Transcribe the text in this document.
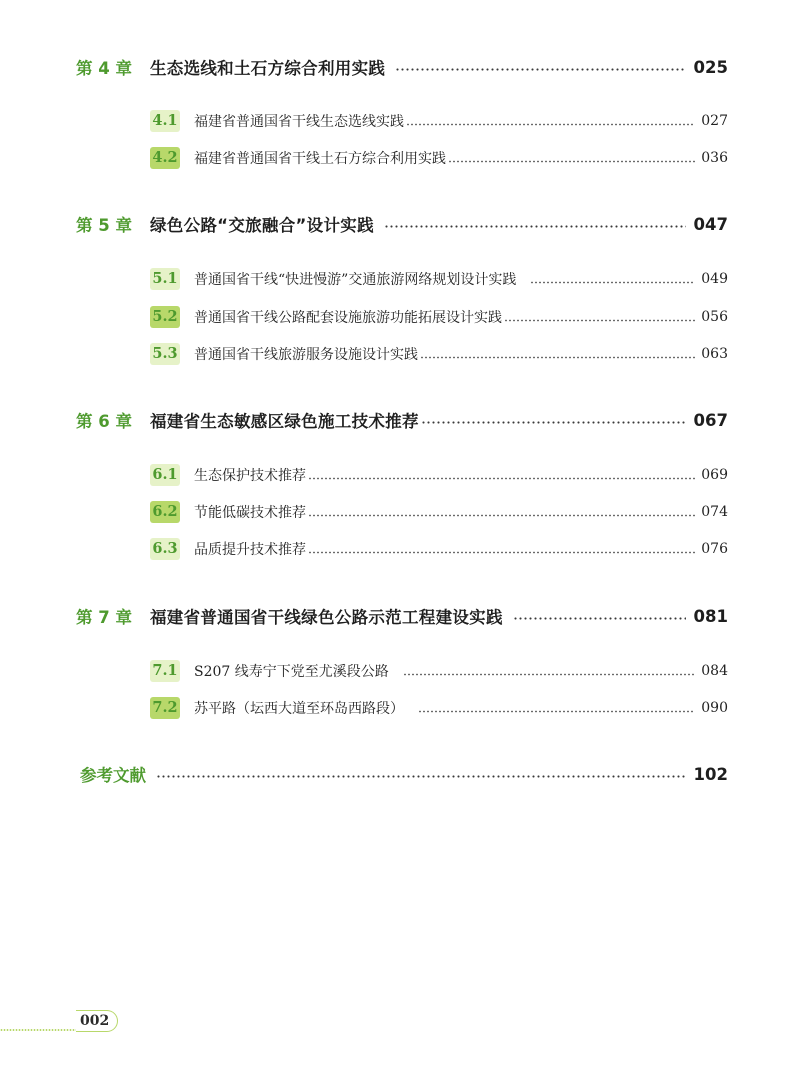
第 4 章 生态选线和土石方综合利用实践	025
4.1 福建省普通国省干线生态选线实践	027
4.2 福建省普通国省干线土石方综合利用实践	036
第 5 章 绿色公路“交旅融合”设计实践	047
5.1 普通国省干线“快进慢游”交通旅游网络规划设计实践	049
5.2 普通国省干线公路配套设施旅游功能拓展设计实践	056
5.3 普通国省干线旅游服务设施设计实践	063
第 6 章 福建省生态敏感区绿色施工技术推荐	067
6.1 生态保护技术推荐	069
6.2 节能低碳技术推荐	074
6.3 品质提升技术推荐	076
第 7 章 福建省普通国省干线绿色公路示范工程建设实践	081
7.1 S207 线寿宁下党至尤溪段公路	084
7.2 苏平路（坛西大道至环岛西路段）	090
参考文献	102
002
